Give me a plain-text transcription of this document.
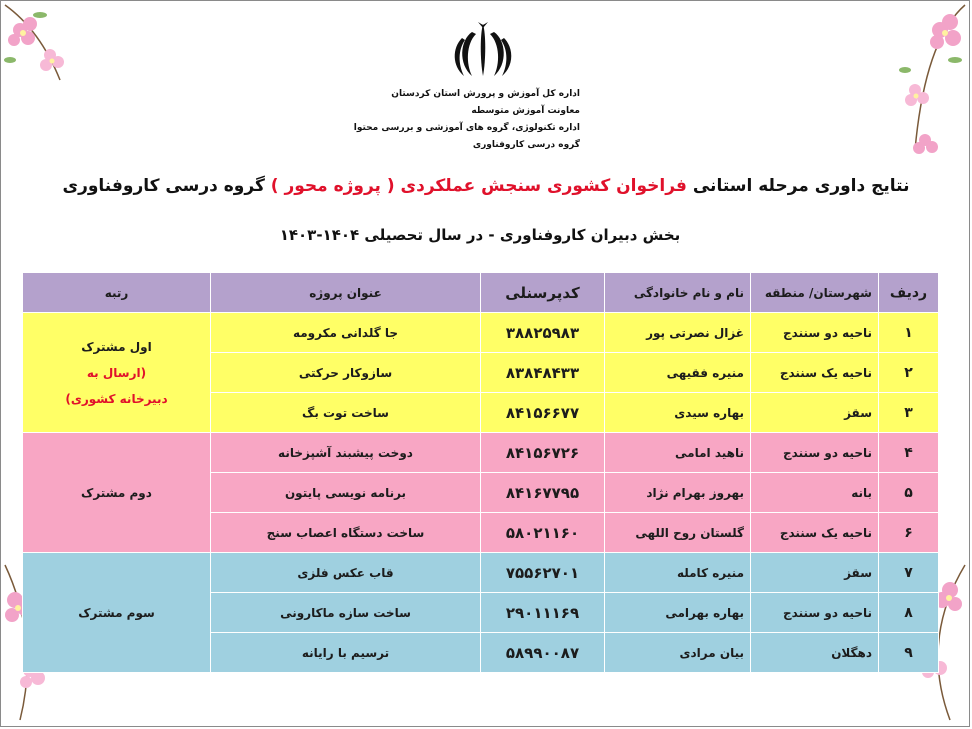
اداره کل آموزش و پرورش استان کردستان
معاونت آموزش متوسطه
اداره تکنولوژی، گروه های آموزشی و بررسی محتوا
گروه درسی کاروفناوری
نتایج داوری مرحله استانی فراخوان کشوری سنجش عملکردی ( پروژه محور ) گروه درسی کاروفناوری
بخش دبیران کاروفناوری - در سال تحصیلی ۱۴۰۴-۱۴۰۳
ردیف	شهرستان/ منطقه	نام و نام خانوادگی	کدپرسنلی	عنوان پروژه	رتبه
۱	ناحیه دو سنندج	غزال نصرتی پور	۳۸۸۲۵۹۸۳	جا گلدانی مکرومه	اول مشترک
(ارسال به
دبیرخانه کشوری)

۲	ناحیه یک سنندج	منیره فقیهی	۸۳۸۴۸۴۳۳	سازوکار حرکتی	
۳	سقز	بهاره سیدی	۸۴۱۵۶۶۷۷	ساخت توت بگ	
۴	ناحیه دو سنندج	ناهید امامی	۸۴۱۵۶۷۲۶	دوخت پیشبند آشپزخانه	دوم مشترک
۵	بانه	بهروز بهرام نژاد	۸۴۱۶۷۷۹۵	برنامه نویسی پایتون	
۶	ناحیه یک سنندج	گلستان روح اللهی	۵۸۰۲۱۱۶۰	ساخت دستگاه اعصاب سنج	
۷	سقز	منیره کامله	۷۵۵۶۲۷۰۱	قاب عکس فلزی	سوم مشترک
۸	ناحیه دو سنندج	بهاره بهرامی	۲۹۰۱۱۱۶۹	ساخت سازه ماکارونی	
۹	دهگلان	بیان مرادی	۵۸۹۹۰۰۸۷	ترسیم با رایانه	
